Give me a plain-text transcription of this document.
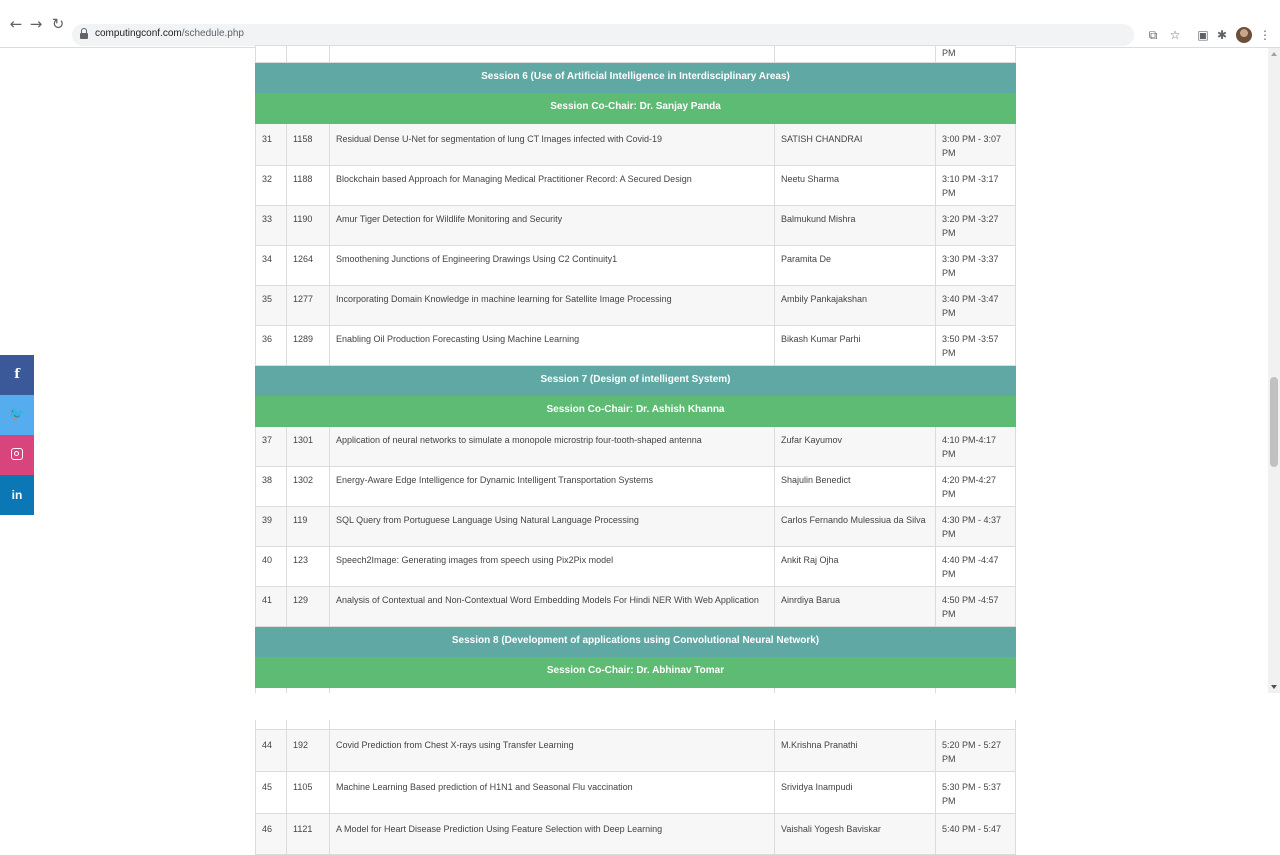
← → ↻
computingconf.com/schedule.php	⧉	☆	▣ ✱	⋮
				PM
Session 6 (Use of Artificial Intelligence in Interdisciplinary Areas)				
Session Co-Chair: Dr. Sanjay Panda				
31	1158	Residual Dense U-Net for segmentation of lung CT Images infected with Covid-19	SATISH CHANDRAI	3:00 PM - 3:07 PM
32	1188	Blockchain based Approach for Managing Medical Practitioner Record: A Secured Design	Neetu Sharma	3:10 PM -3:17 PM
33	1190	Amur Tiger Detection for Wildlife Monitoring and Security	Balmukund Mishra	3:20 PM -3:27 PM
34	1264	Smoothening Junctions of Engineering Drawings Using C2 Continuity1	Paramita De	3:30 PM -3:37 PM
35	1277	Incorporating Domain Knowledge in machine learning for Satellite Image Processing	Ambily Pankajakshan	3:40 PM -3:47 PM
36	1289	Enabling Oil Production Forecasting Using Machine Learning	Bikash Kumar Parhi	3:50 PM -3:57 PM
Session 7 (Design of intelligent System)				
Session Co-Chair: Dr. Ashish Khanna				
37	1301	Application of neural networks to simulate a monopole microstrip four-tooth-shaped antenna	Zufar Kayumov	4:10 PM-4:17 PM
38	1302	Energy-Aware Edge Intelligence for Dynamic Intelligent Transportation Systems	Shajulin Benedict	4:20 PM-4:27 PM
39	119	SQL Query from Portuguese Language Using Natural Language Processing	Carlos Fernando Mulessiua da Silva	4:30 PM - 4:37 PM
40	123	Speech2Image: Generating images from speech using Pix2Pix model	Ankit Raj Ojha	4:40 PM -4:47 PM
41	129	Analysis of Contextual and Non-Contextual Word Embedding Models For Hindi NER With Web Application	Ainrdiya Barua	4:50 PM -4:57 PM
Session 8 (Development of applications using Convolutional Neural Network)				
Session Co-Chair: Dr. Abhinav Tomar				

44	192	Covid Prediction from Chest X-rays using Transfer Learning	M.Krishna Pranathi	5:20 PM - 5:27 PM
45	1105	Machine Learning Based prediction of H1N1 and Seasonal Flu vaccination	Srividya Inampudi	5:30 PM - 5:37 PM
46	1121	A Model for Heart Disease Prediction Using Feature Selection with Deep Learning	Vaishali Yogesh Baviskar	5:40 PM - 5:47
f
🐦
in
